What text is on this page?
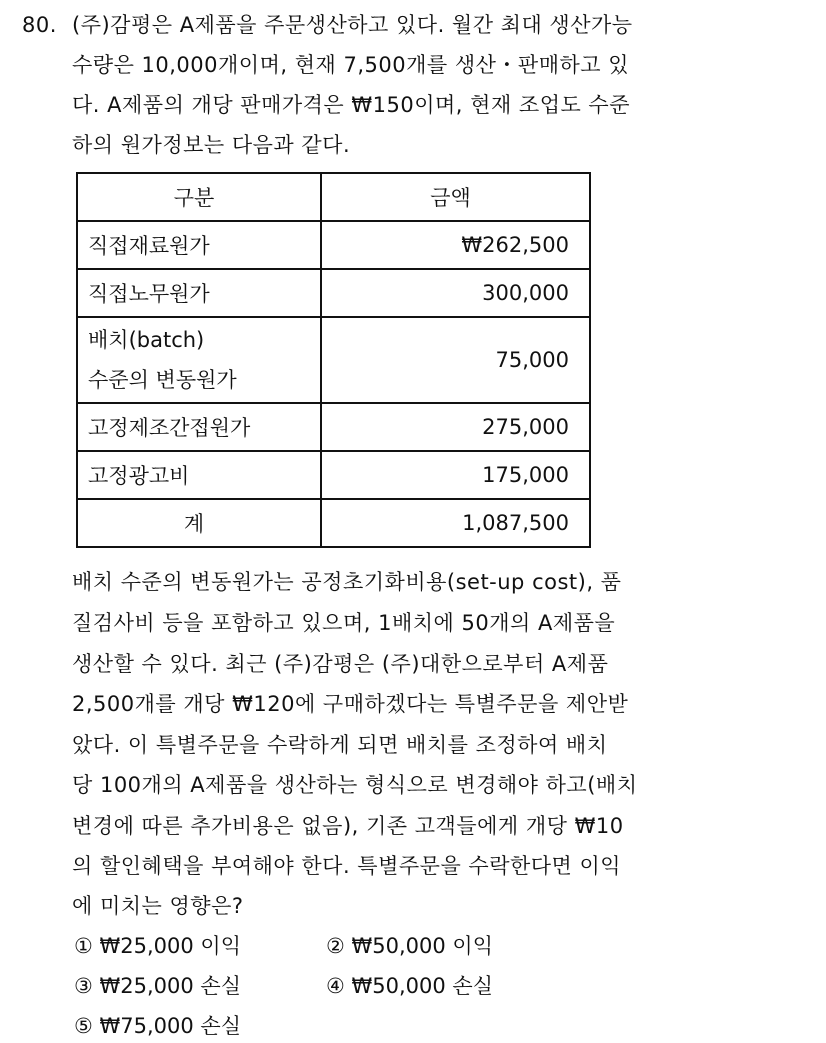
80. (주)감평은 A제품을 주문생산하고 있다. 월간 최대 생산가능
수량은 10,000개이며, 현재 7,500개를 생산・판매하고 있
다. A제품의 개당 판매가격은 ₩150이며, 현재 조업도 수준
하의 원가정보는 다음과 같다.
구분	금액
직접재료원가	₩262,500
직접노무원가	300,000

배치(batch)
수준의 변동원가	75,000
고정제조간접원가	275,000
고정광고비	175,000
계	1,087,500
배치 수준의 변동원가는 공정초기화비용(set-up cost), 품
질검사비 등을 포함하고 있으며, 1배치에 50개의 A제품을
생산할 수 있다. 최근 (주)감평은 (주)대한으로부터 A제품
2,500개를 개당 ₩120에 구매하겠다는 특별주문을 제안받
았다. 이 특별주문을 수락하게 되면 배치를 조정하여 배치
당 100개의 A제품을 생산하는 형식으로 변경해야 하고(배치
변경에 따른 추가비용은 없음), 기존 고객들에게 개당 ₩10
의 할인혜택을 부여해야 한다. 특별주문을 수락한다면 이익
에 미치는 영향은?
① ₩25,000 이익	② ₩50,000 이익
③ ₩25,000 손실	④ ₩50,000 손실
⑤ ₩75,000 손실
